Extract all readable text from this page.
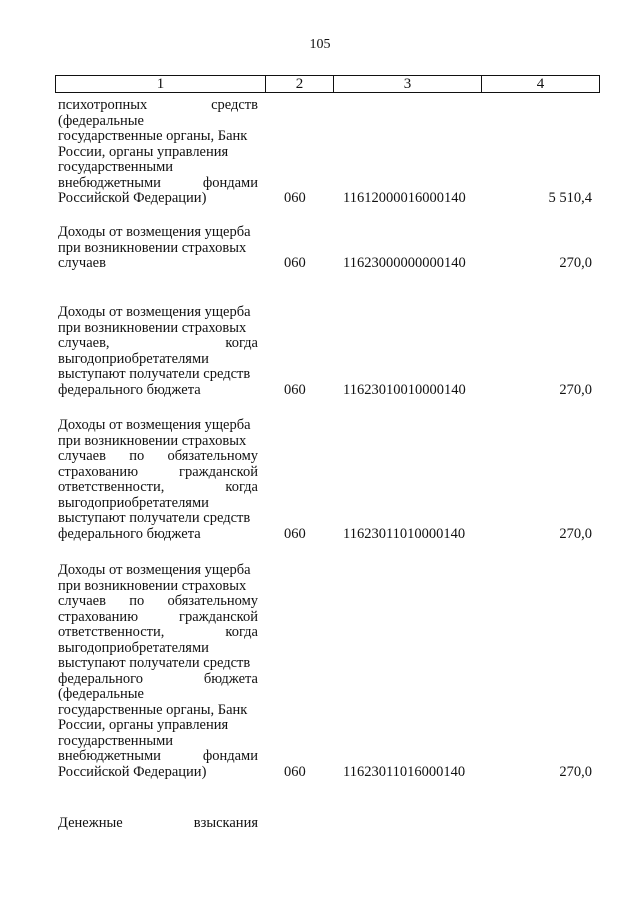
105
1	2	3	4
психотропных	средств
(федеральные
государственные органы, Банк
России, органы управления
государственными
внебюджетными	фондами
Российской Федерации)	060	11612000016000140	5 510,4
Доходы от возмещения ущерба
при возникновении страховых
случаев	060	11623000000000140	270,0
Доходы от возмещения ущерба
при возникновении страховых
случаев,	когда
выгодоприобретателями
выступают получатели средств
федерального бюджета	060	11623010010000140	270,0
Доходы от возмещения ущерба
при возникновении страховых
случаев по обязательному
страхованию	гражданской
ответственности,	когда
выгодоприобретателями
выступают получатели средств
федерального бюджета	060	11623011010000140	270,0
Доходы от возмещения ущерба
при возникновении страховых
случаев по обязательному
страхованию	гражданской
ответственности,	когда
выгодоприобретателями
выступают получатели средств
федерального	бюджета
(федеральные
государственные органы, Банк
России, органы управления
государственными
внебюджетными	фондами
Российской Федерации)	060	11623011016000140	270,0
Денежные	взыскания
